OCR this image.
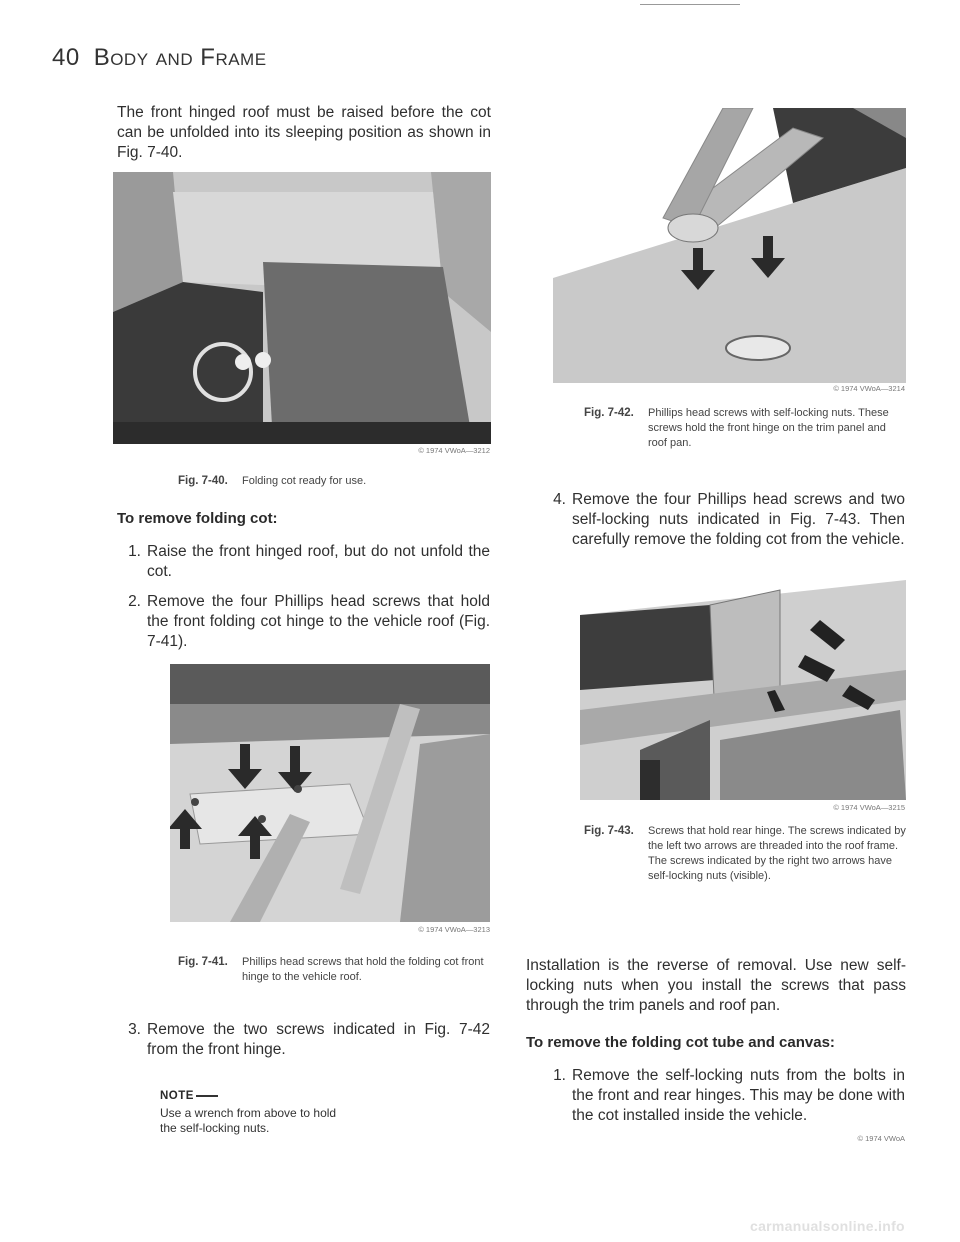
40 Body and Frame
The front hinged roof must be raised before the cot can be unfolded into its sleeping position as shown in Fig. 7-40.
© 1974 VWoA—3212
Fig. 7-40.	Folding cot ready for use.
To remove folding cot:
1. Raise the front hinged roof, but do not unfold the cot.
2. Remove the four Phillips head screws that hold the front folding cot hinge to the vehicle roof (Fig. 7-41).
© 1974 VWoA—3213
Fig. 7-41.	Phillips head screws that hold the folding cot front hinge to the vehicle roof.
3. Remove the two screws indicated in Fig. 7-42 from the front hinge.
NOTE
Use a wrench from above to hold the self-locking nuts.
© 1974 VWoA—3214
Fig. 7-42.	Phillips head screws with self-locking nuts. These screws hold the front hinge on the trim panel and roof pan.
4. Remove the four Phillips head screws and two self-locking nuts indicated in Fig. 7-43. Then carefully remove the folding cot from the vehicle.
© 1974 VWoA—3215
Fig. 7-43.	Screws that hold rear hinge. The screws indicated by the left two arrows are threaded into the roof frame. The screws indicated by the right two arrows have self-locking nuts (visible).
Installation is the reverse of removal. Use new self-locking nuts when you install the screws that pass through the trim panels and roof pan.
To remove the folding cot tube and canvas:
1. Remove the self-locking nuts from the bolts in the front and rear hinges. This may be done with the cot installed inside the vehicle.
© 1974 VWoA
carmanualsonline.info
